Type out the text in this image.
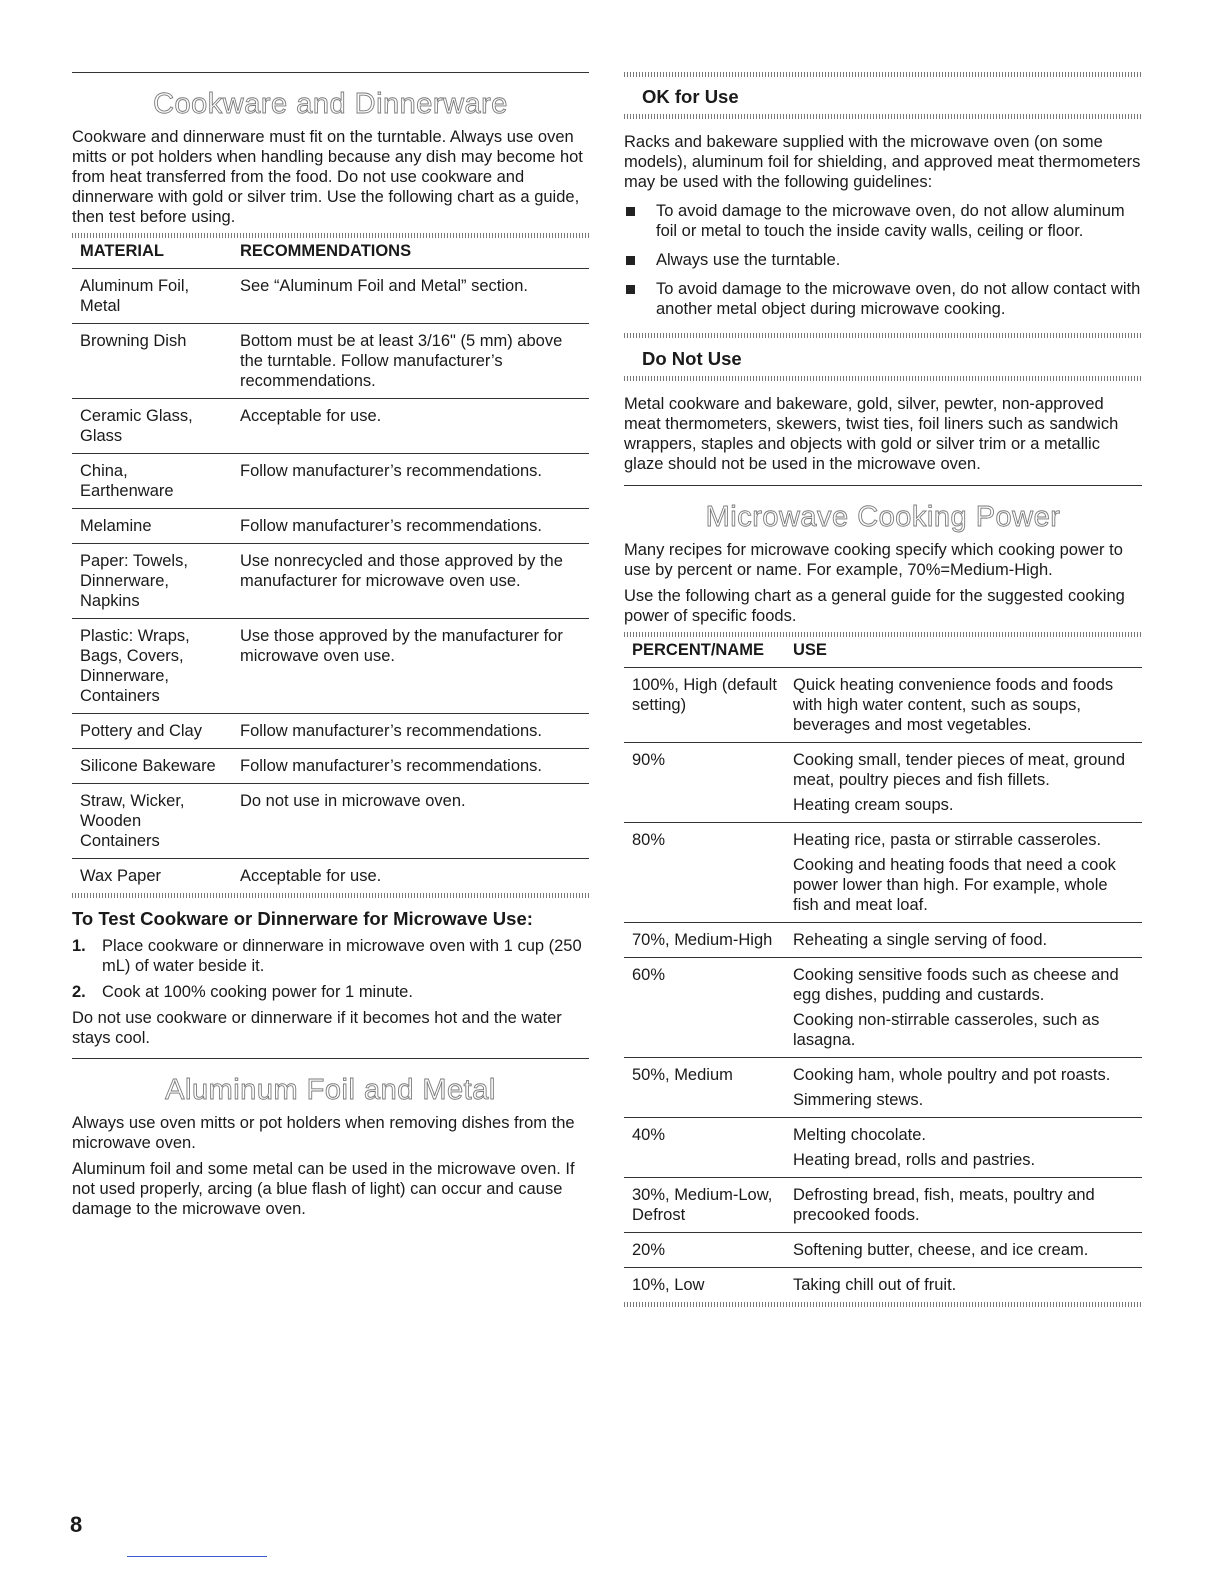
Cookware and Dinnerware

Cookware and dinnerware must fit on the turntable. Always use oven mitts or pot holders when handling because any dish may become hot from heat transferred from the food. Do not use cookware and dinnerware with gold or silver trim. Use the following chart as a guide, then test before using.

MATERIAL	RECOMMENDATIONS
Aluminum Foil, Metal	See “Aluminum Foil and Metal” section.
Browning Dish	Bottom must be at least 3/16" (5 mm) above the turntable. Follow manufacturer’s recommendations.
Ceramic Glass, Glass	Acceptable for use.
China, Earthenware	Follow manufacturer’s recommendations.
Melamine	Follow manufacturer’s recommendations.
Paper: Towels, Dinnerware, Napkins	Use nonrecycled and those approved by the manufacturer for microwave oven use.
Plastic: Wraps, Bags, Covers, Dinnerware, Containers	Use those approved by the manufacturer for microwave oven use.
Pottery and Clay	Follow manufacturer’s recommendations.
Silicone Bakeware	Follow manufacturer’s recommendations.
Straw, Wicker, Wooden Containers	Do not use in microwave oven.
Wax Paper	Acceptable for use.
To Test Cookware or Dinnerware for Microwave Use:
1. Place cookware or dinnerware in microwave oven with 1 cup (250 mL) of water beside it.
2. Cook at 100% cooking power for 1 minute.

Do not use cookware or dinnerware if it becomes hot and the water stays cool.

Aluminum Foil and Metal

Always use oven mitts or pot holders when removing dishes from the microwave oven.

Aluminum foil and some metal can be used in the microwave oven. If not used properly, arcing (a blue flash of light) can occur and cause damage to the microwave oven.

OK for Use

Racks and bakeware supplied with the microwave oven (on some models), aluminum foil for shielding, and approved meat thermometers may be used with the following guidelines:

To avoid damage to the microwave oven, do not allow aluminum foil or metal to touch the inside cavity walls, ceiling or floor.
Always use the turntable.
To avoid damage to the microwave oven, do not allow contact with another metal object during microwave cooking.
Do Not Use

Metal cookware and bakeware, gold, silver, pewter, non-approved meat thermometers, skewers, twist ties, foil liners such as sandwich wrappers, staples and objects with gold or silver trim or a metallic glaze should not be used in the microwave oven.

Microwave Cooking Power

Many recipes for microwave cooking specify which cooking power to use by percent or name. For example, 70%=Medium-High.

Use the following chart as a general guide for the suggested cooking power of specific foods.

PERCENT/NAME	USE
100%, High (default setting)	Quick heating convenience foods and foods with high water content, such as soups, beverages and most vegetables.

90%	Cooking small, tender pieces of meat, ground meat, poultry pieces and fish fillets.

Heating cream soups.

80%	Heating rice, pasta or stirrable casseroles.

Cooking and heating foods that need a cook power lower than high. For example, whole fish and meat loaf.

70%, Medium-High	Reheating a single serving of food.

60%	Cooking sensitive foods such as cheese and egg dishes, pudding and custards.

Cooking non-stirrable casseroles, such as lasagna.

50%, Medium	Cooking ham, whole poultry and pot roasts.

Simmering stews.

40%	Melting chocolate.

Heating bread, rolls and pastries.

30%, Medium-Low, Defrost	Defrosting bread, fish, meats, poultry and precooked foods.

20%	Softening butter, cheese, and ice cream.

10%, Low	Taking chill out of fruit.

8
